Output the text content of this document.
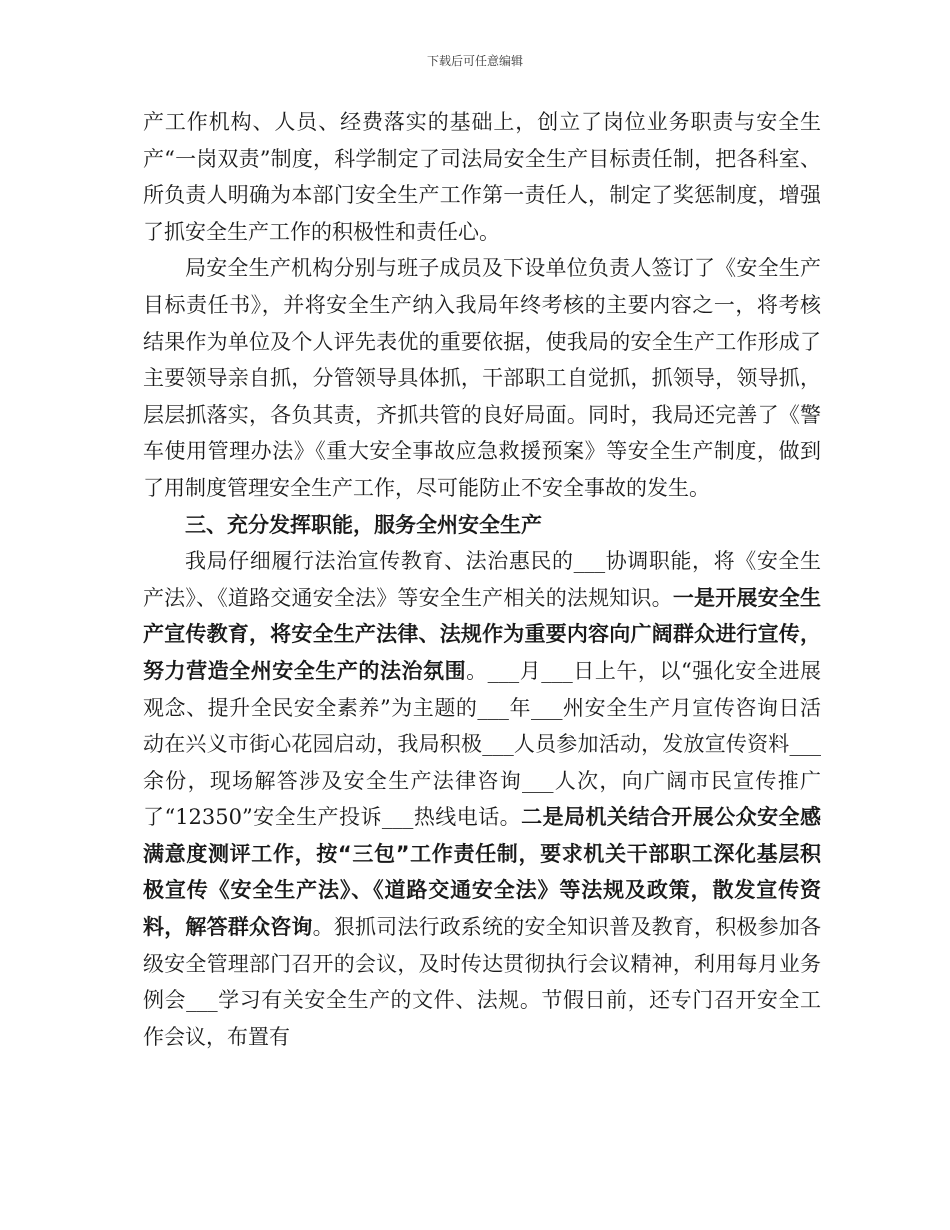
下载后可任意编辑

产工作机构、人员、经费落实的基础上，创立了岗位业务职责与安全生产“一岗双责”制度，科学制定了司法局安全生产目标责任制，把各科室、所负责人明确为本部门安全生产工作第一责任人，制定了奖惩制度，增强了抓安全生产工作的积极性和责任心。

局安全生产机构分别与班子成员及下设单位负责人签订了《安全生产目标责任书》，并将安全生产纳入我局年终考核的主要内容之一，将考核结果作为单位及个人评先表优的重要依据，使我局的安全生产工作形成了主要领导亲自抓，分管领导具体抓，干部职工自觉抓，抓领导，领导抓，层层抓落实，各负其责，齐抓共管的良好局面。同时，我局还完善了《警车使用管理办法》《重大安全事故应急救援预案》等安全生产制度，做到了用制度管理安全生产工作，尽可能防止不安全事故的发生。

三、充分发挥职能，服务全州安全生产

我局仔细履行法治宣传教育、法治惠民的___协调职能，将《安全生产法》、《道路交通安全法》等安全生产相关的法规知识。一是开展安全生产宣传教育，将安全生产法律、法规作为重要内容向广阔群众进行宣传，努力营造全州安全生产的法治氛围。___月___日上午，以“强化安全进展观念、提升全民安全素养”为主题的___年___州安全生产月宣传咨询日活动在兴义市街心花园启动，我局积极___人员参加活动，发放宣传资料___余份，现场解答涉及安全生产法律咨询___人次，向广阔市民宣传推广了“12350”安全生产投诉___热线电话。二是局机关结合开展公众安全感满意度测评工作，按“三包”工作责任制，要求机关干部职工深化基层积极宣传《安全生产法》、《道路交通安全法》等法规及政策，散发宣传资料，解答群众咨询。狠抓司法行政系统的安全知识普及教育，积极参加各级安全管理部门召开的会议，及时传达贯彻执行会议精神，利用每月业务例会___学习有关安全生产的文件、法规。节假日前，还专门召开安全工作会议，布置有
